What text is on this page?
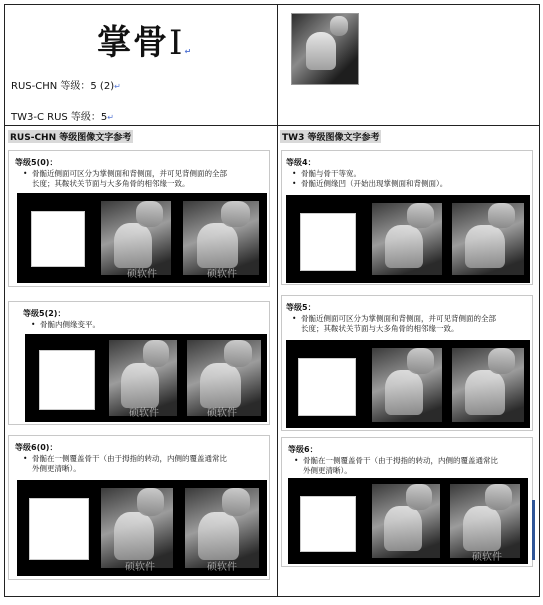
掌骨I↵
RUS-CHN 等级：5 (2)↵
TW3-C RUS 等级：5↵
RUS-CHN 等级图像文字参考	TW3 等级图像文字参考
等级5(0)：
• 骨骺近侧面可区分为掌侧面和背侧面，并可见背侧面的全部
长度；其鞍状关节面与大多角骨的相邻缘一致。
硕软件	硕软件
等级5(2)：
• 骨骺内侧缘变平。
硕软件	硕软件
等级6(0)：
• 骨骺在一侧覆盖骨干（由于拇指的转动，内侧的覆盖通常比
外侧更清晰）。
硕软件	硕软件
等级4：
• 骨骺与骨干等宽。
• 骨骺近侧缘凹（开始出现掌侧面和背侧面）。
等级5：
• 骨骺近侧面可区分为掌侧面和背侧面，并可见背侧面的全部
长度；其鞍状关节面与大多角骨的相邻缘一致。
等级6：
• 骨骺在一侧覆盖骨干（由于拇指的转动，内侧的覆盖通常比
外侧更清晰）。
硕软件
